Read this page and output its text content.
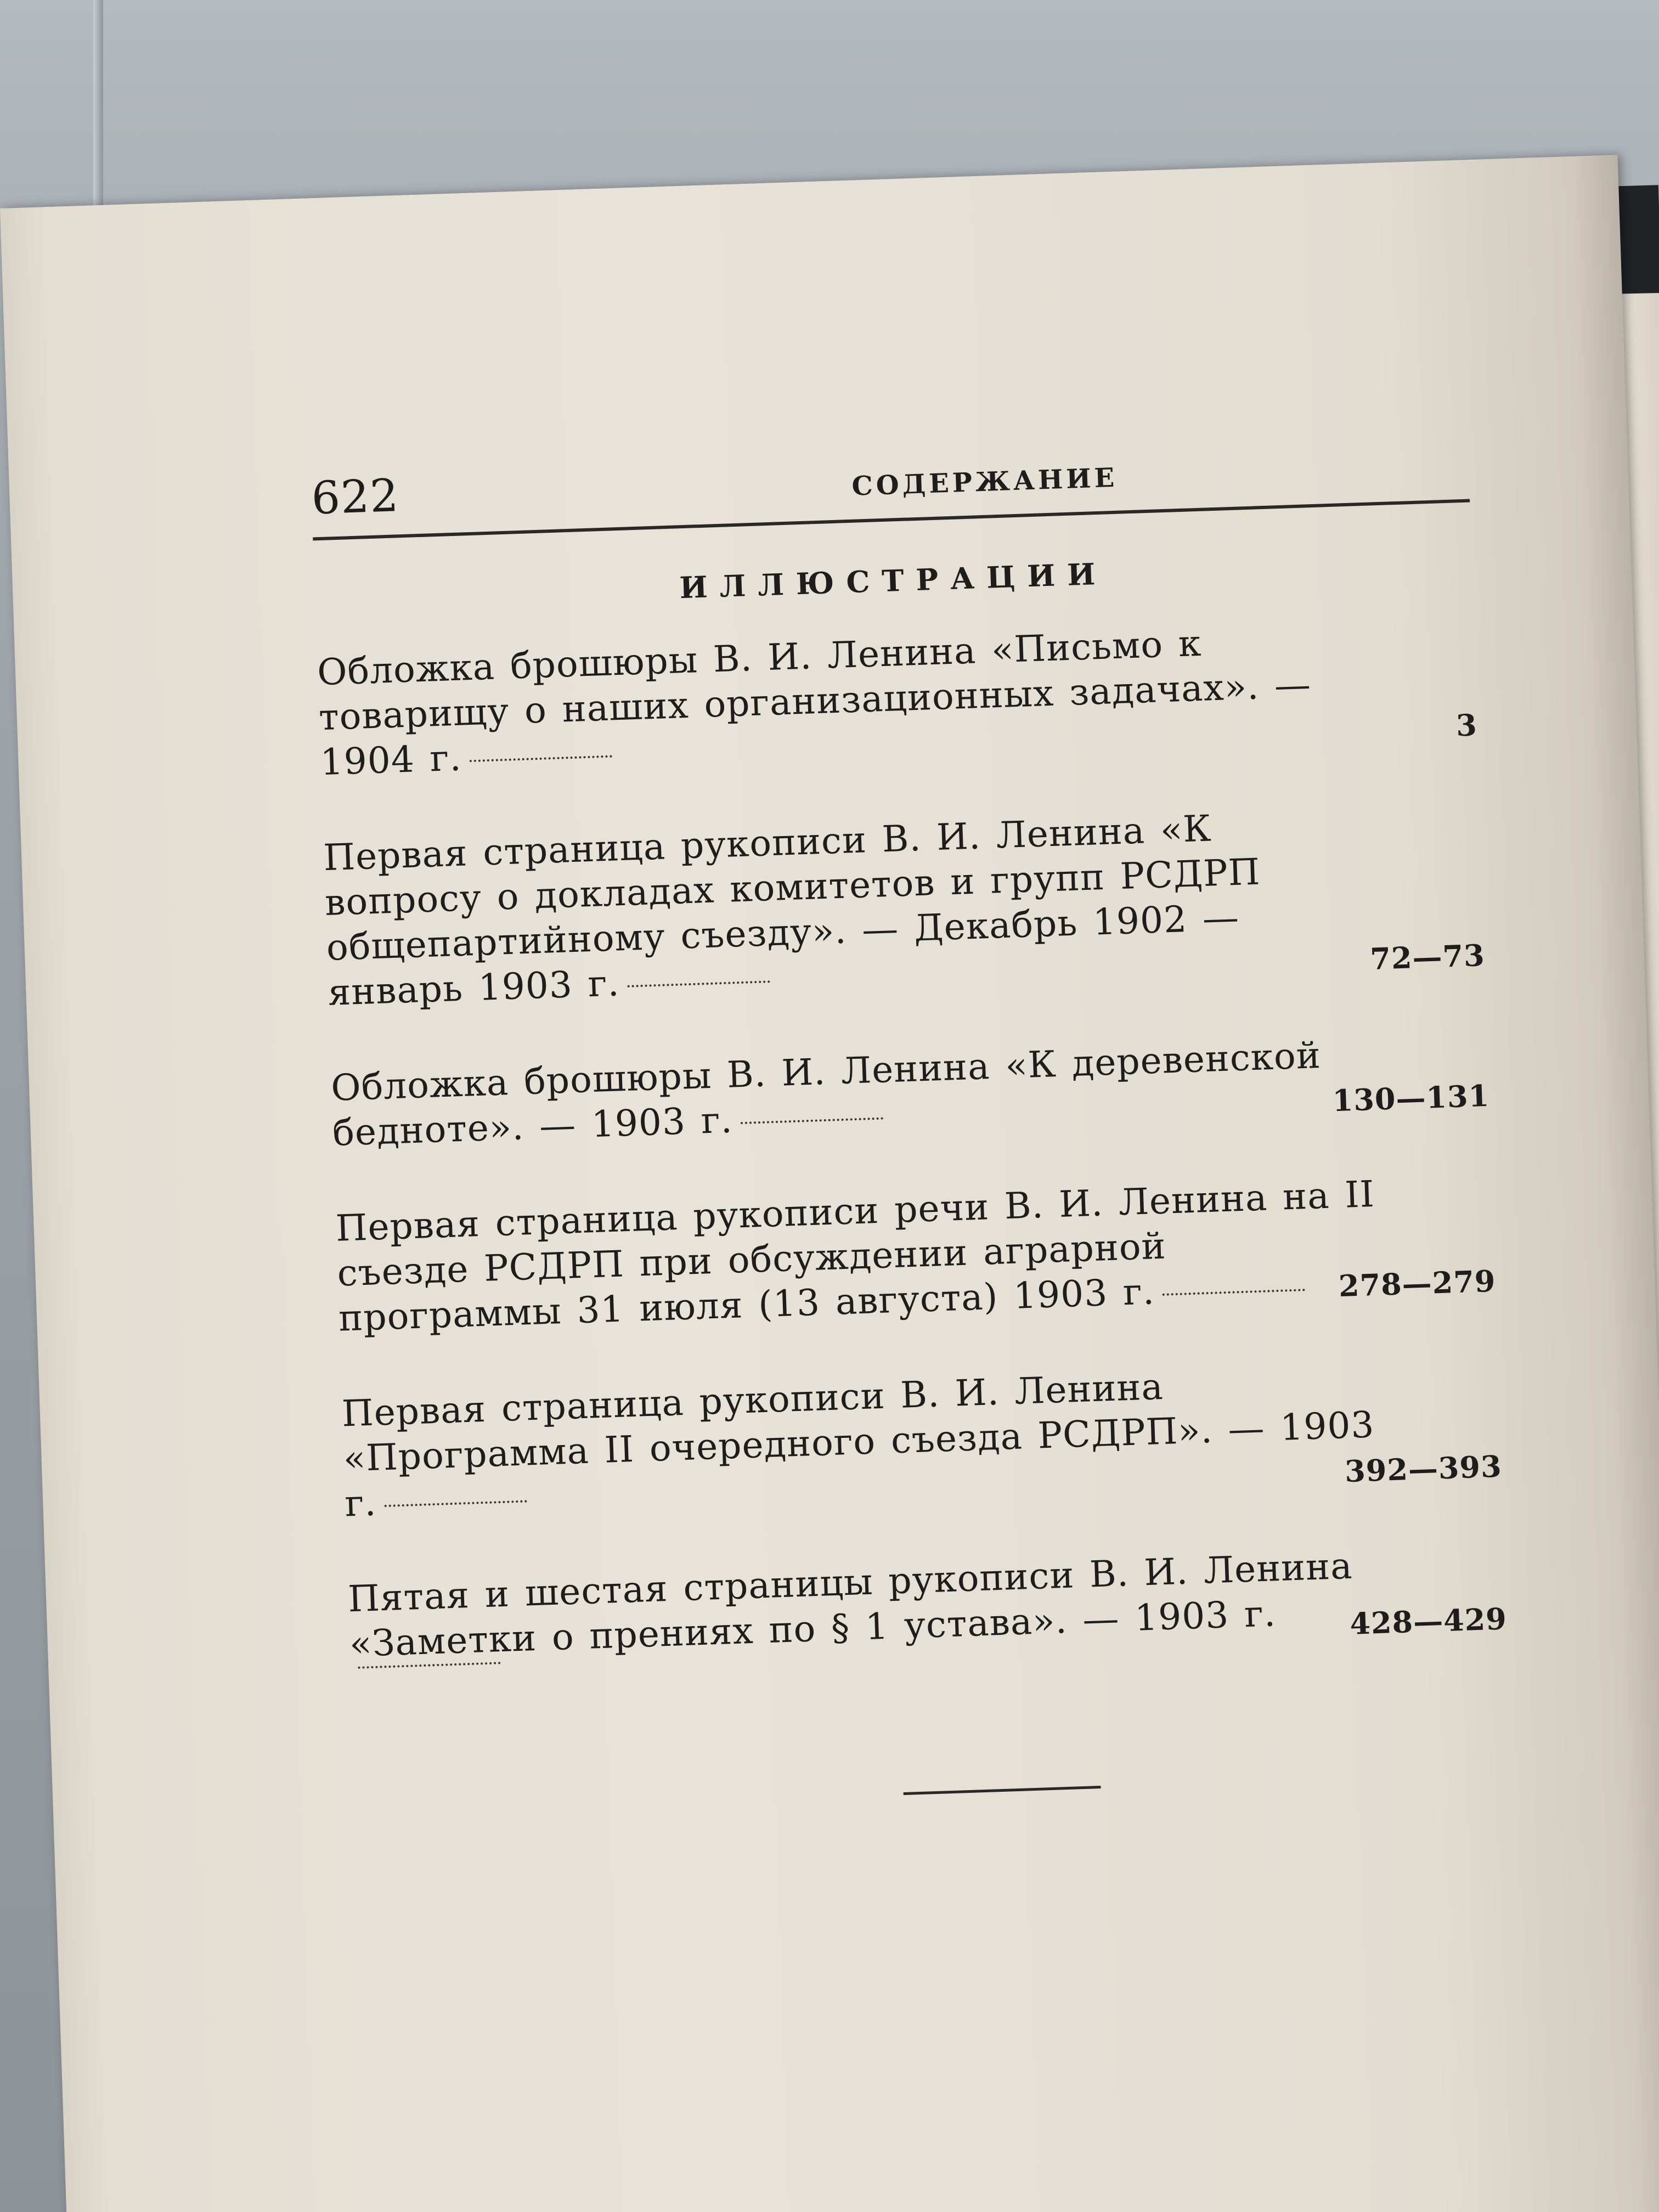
622	СОДЕРЖАНИЕ
ИЛЛЮСТРАЦИИ
Обложка брошюры В. И. Ленина «Письмо к товарищу о наших организационных задачах». — 1904 г.
3
Первая страница рукописи В. И. Ленина «К вопросу о докладах комитетов и групп РСДРП общепартийному съезду». — Декабрь 1902 — январь 1903 г.
72—73
Обложка брошюры В. И. Ленина «К деревенской бедноте». — 1903 г.
130—131
Первая страница рукописи речи В. И. Ленина на II съезде РСДРП при обсуждении аграрной программы 31 июля (13 августа) 1903 г.	278—279
Первая страница рукописи В. И. Ленина «Программа II очередного съезда РСДРП». — 1903 г.
392—393
Пятая и шестая страницы рукописи В. И. Ленина «Заметки о прениях по § 1 устава». — 1903 г. 428—429
